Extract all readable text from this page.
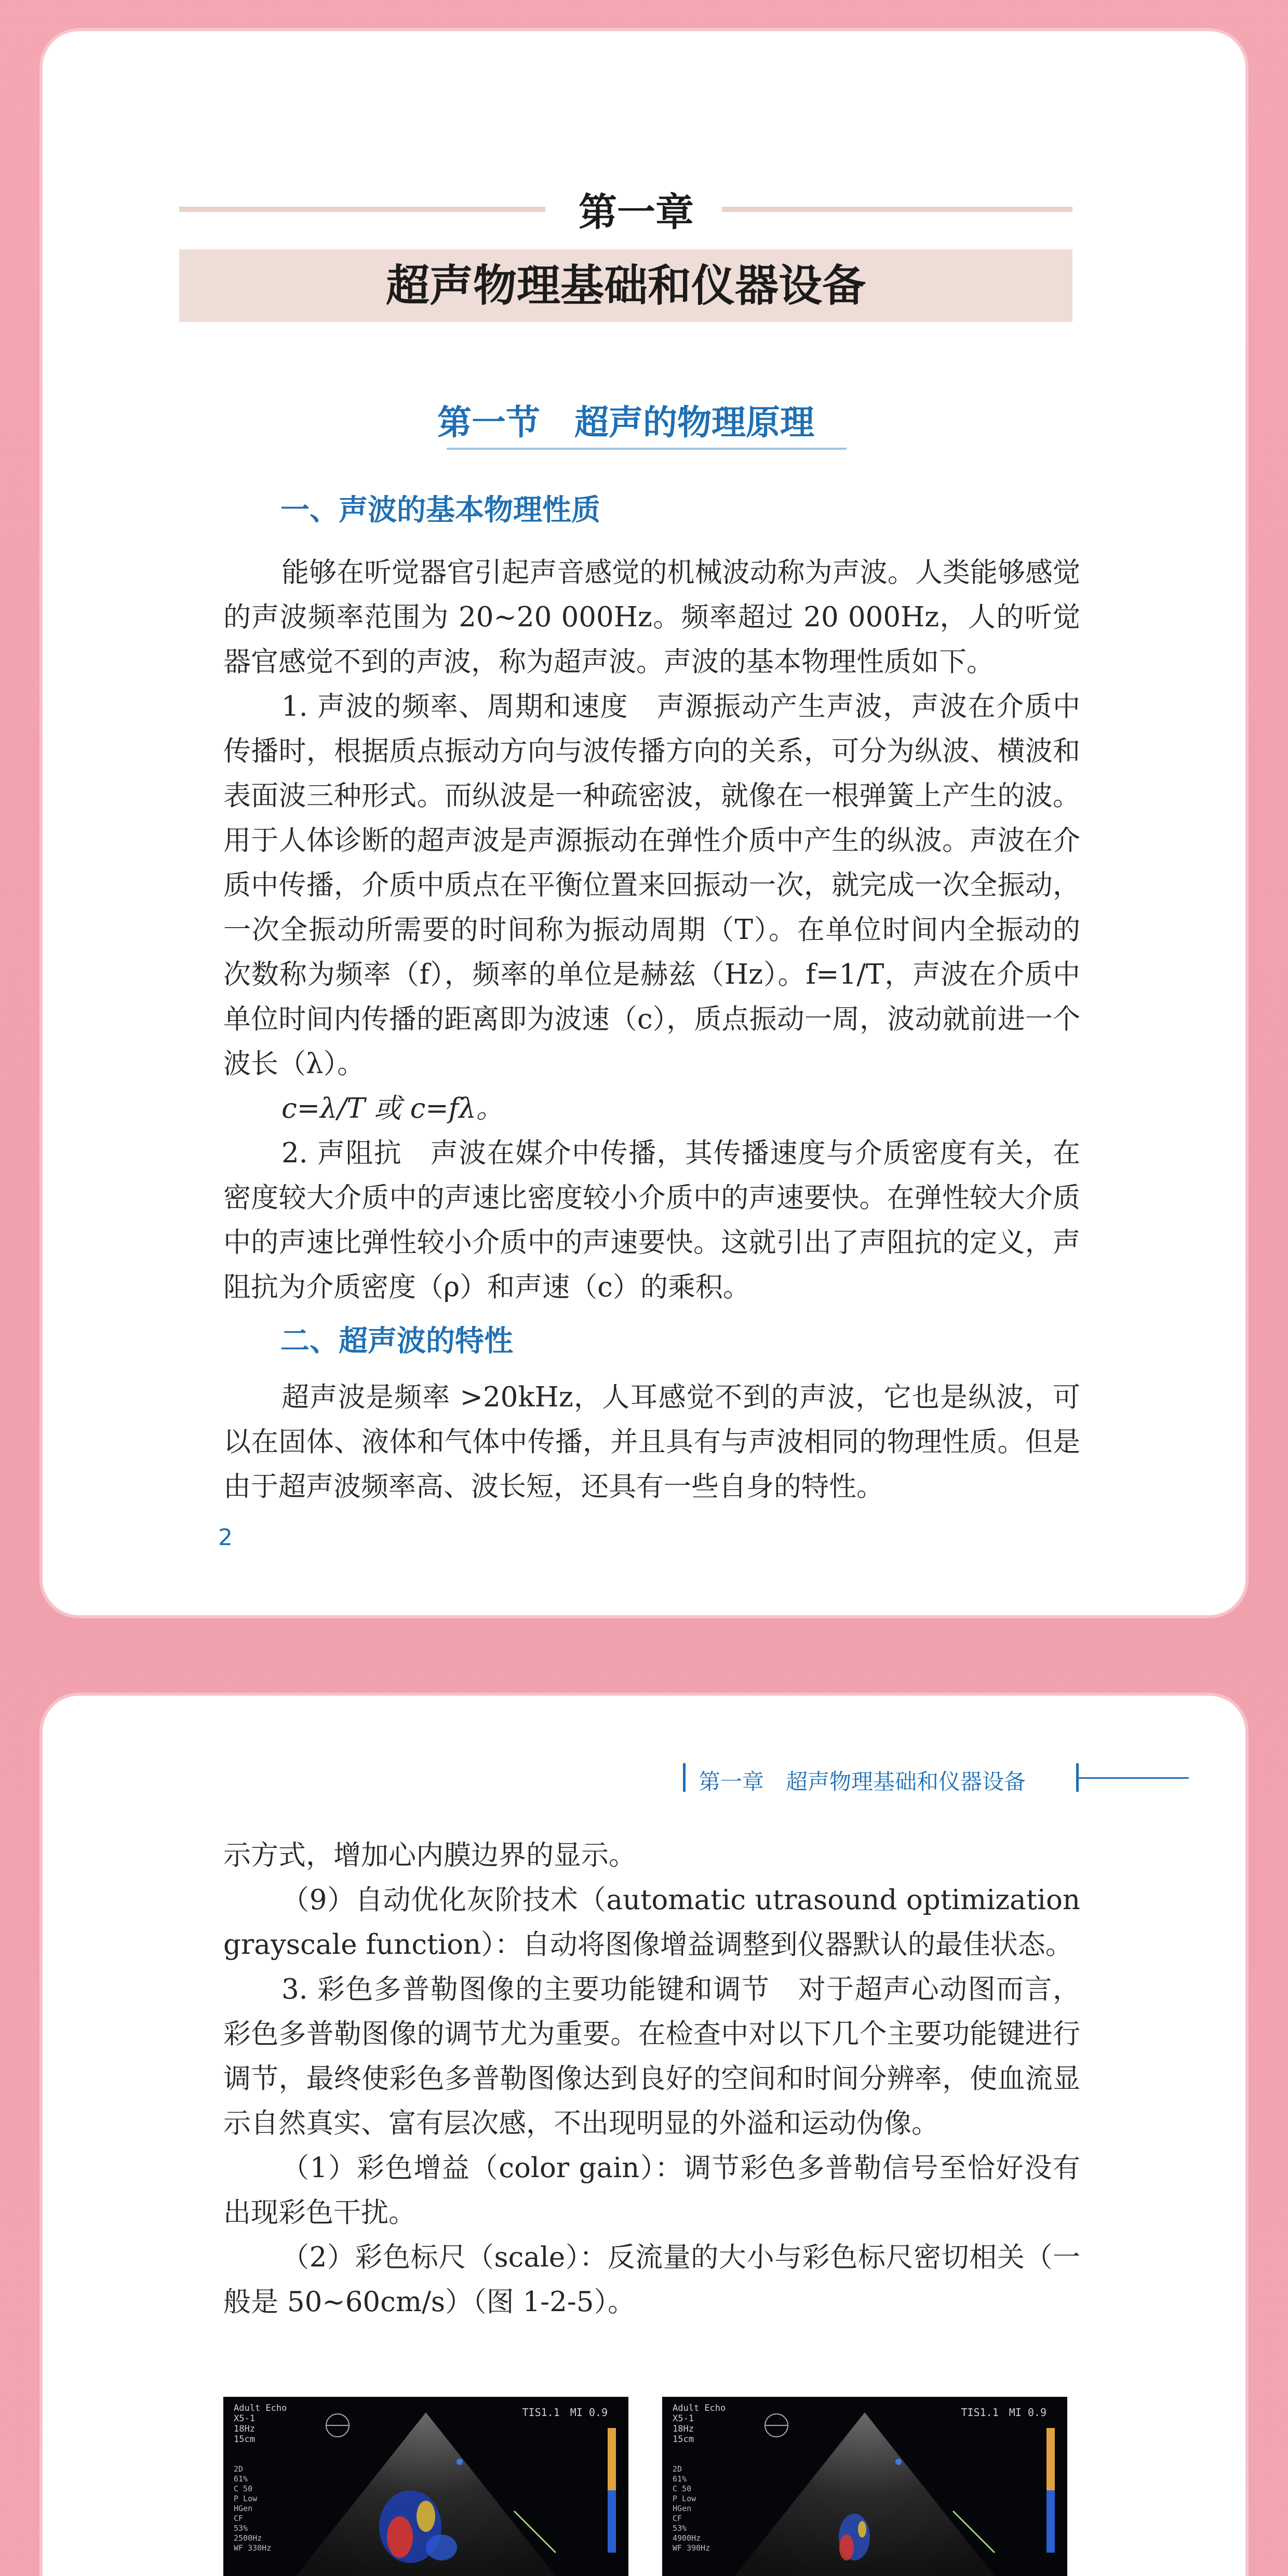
第一章
超声物理基础和仪器设备
第一节　超声的物理原理
一、声波的基本物理性质

能够在听觉器官引起声音感觉的机械波动称为声波。人类能够感觉的声波频率范围为 20~20 000Hz。频率超过 20 000Hz，人的听觉器官感觉不到的声波，称为超声波。声波的基本物理性质如下。

1. 声波的频率、周期和速度　声源振动产生声波，声波在介质中传播时，根据质点振动方向与波传播方向的关系，可分为纵波、横波和表面波三种形式。而纵波是一种疏密波，就像在一根弹簧上产生的波。用于人体诊断的超声波是声源振动在弹性介质中产生的纵波。声波在介质中传播，介质中质点在平衡位置来回振动一次，就完成一次全振动，一次全振动所需要的时间称为振动周期（T）。在单位时间内全振动的次数称为频率（f），频率的单位是赫兹（Hz）。f=1/T，声波在介质中单位时间内传播的距离即为波速（c），质点振动一周，波动就前进一个波长（λ）。

c=λ/T 或 c=fλ。

2. 声阻抗　声波在媒介中传播，其传播速度与介质密度有关，在密度较大介质中的声速比密度较小介质中的声速要快。在弹性较大介质中的声速比弹性较小介质中的声速要快。这就引出了声阻抗的定义，声阻抗为介质密度（ρ）和声速（c）的乘积。

二、超声波的特性

超声波是频率 >20kHz，人耳感觉不到的声波，它也是纵波，可以在固体、液体和气体中传播，并且具有与声波相同的物理性质。但是由于超声波频率高、波长短，还具有一些自身的特性。

2
第一章　超声物理基础和仪器设备

示方式，增加心内膜边界的显示。

（9）自动优化灰阶技术（automatic utrasound optimization grayscale function）：自动将图像增益调整到仪器默认的最佳状态。

3. 彩色多普勒图像的主要功能键和调节　对于超声心动图而言，彩色多普勒图像的调节尤为重要。在检查中对以下几个主要功能键进行调节，最终使彩色多普勒图像达到良好的空间和时间分辨率，使血流显示自然真实、富有层次感，不出现明显的外溢和运动伪像。

（1）彩色增益（color gain）：调节彩色多普勒信号至恰好没有出现彩色干扰。

（2）彩色标尺（scale）：反流量的大小与彩色标尺密切相关（一般是 50~60cm/s）（图 1-2-5）。

Adult Echo
X5-1
18Hz
15cm
TIS1.1　MI 0.9
2D
61%
C 50
P Low
HGen
CF
53%
2500Hz
WF 330Hz
Adult Echo
X5-1
18Hz
15cm
TIS1.1　MI 0.9
2D
61%
C 50
P Low
HGen
CF
53%
4900Hz
WF 390Hz
